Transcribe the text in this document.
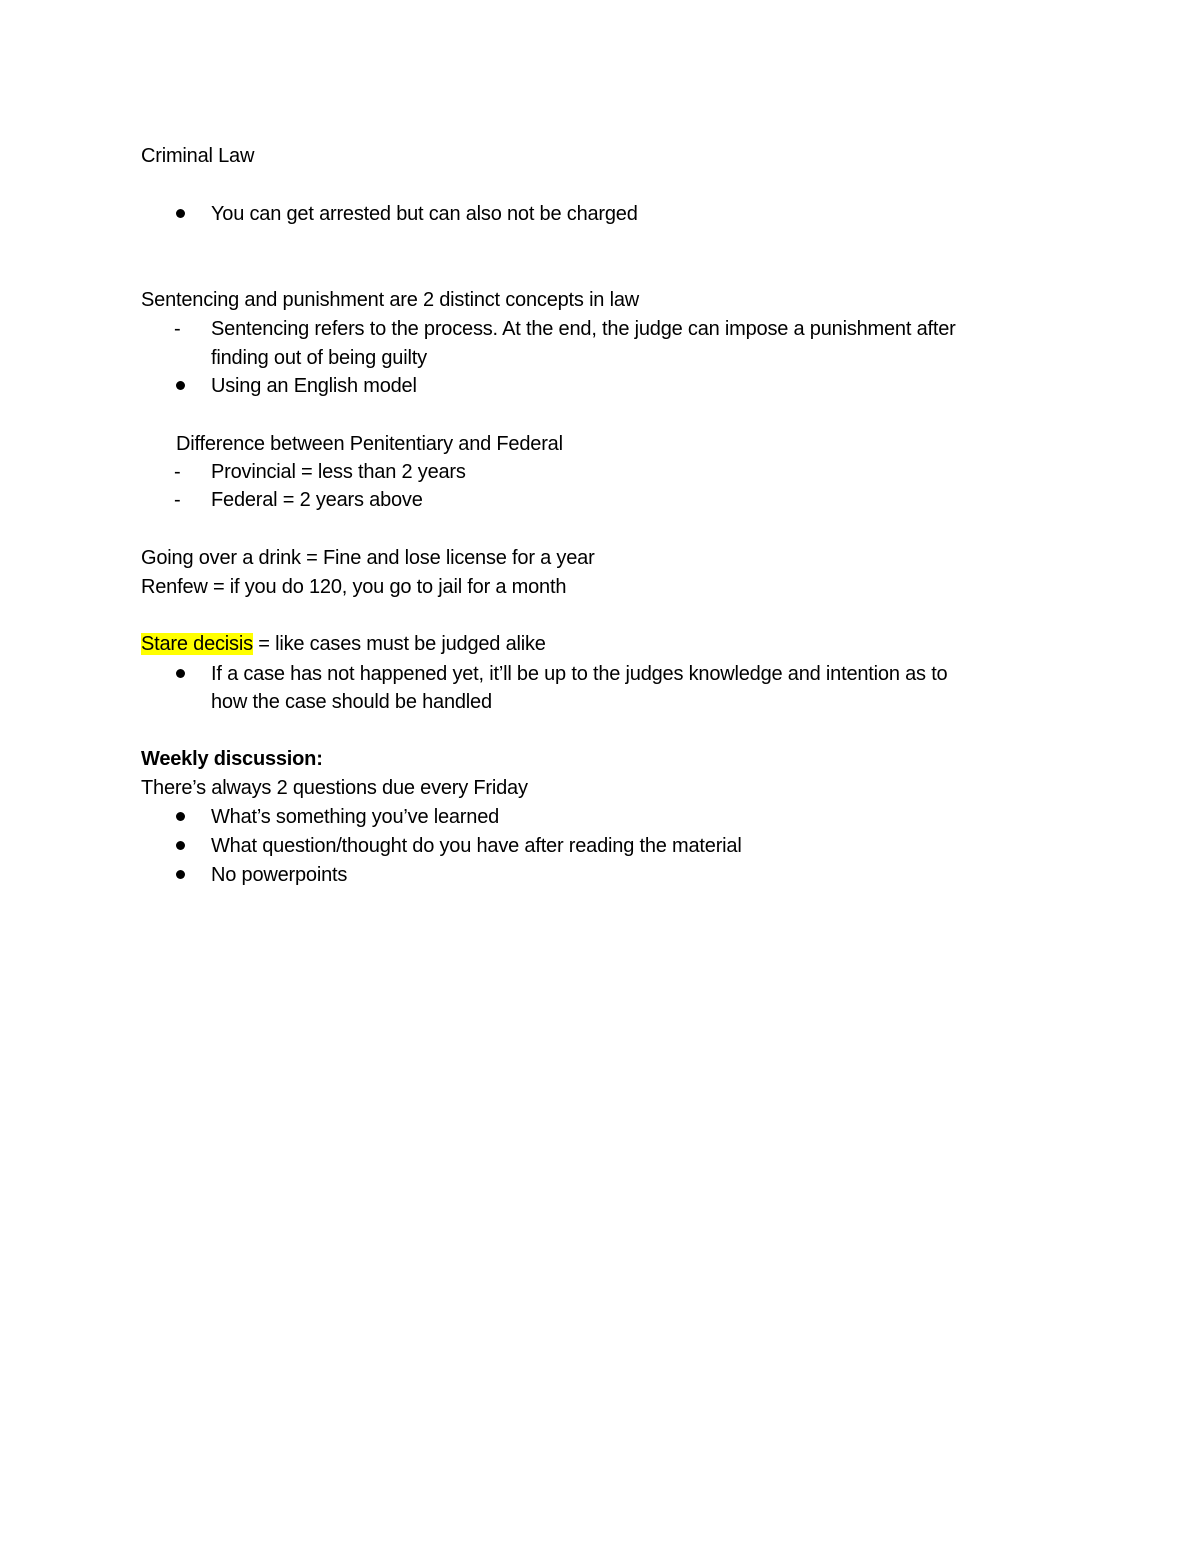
Criminal Law
You can get arrested but can also not be charged
Sentencing and punishment are 2 distinct concepts in law
- Sentencing refers to the process. At the end, the judge can impose a punishment after
finding out of being guilty
Using an English model
Difference between Penitentiary and Federal
- Provincial = less than 2 years
- Federal = 2 years above
Going over a drink = Fine and lose license for a year
Renfew = if you do 120, you go to jail for a month
Stare decisis = like cases must be judged alike
If a case has not happened yet, it’ll be up to the judges knowledge and intention as to
how the case should be handled
Weekly discussion:
There’s always 2 questions due every Friday
What’s something you’ve learned
What question/thought do you have after reading the material
No powerpoints
